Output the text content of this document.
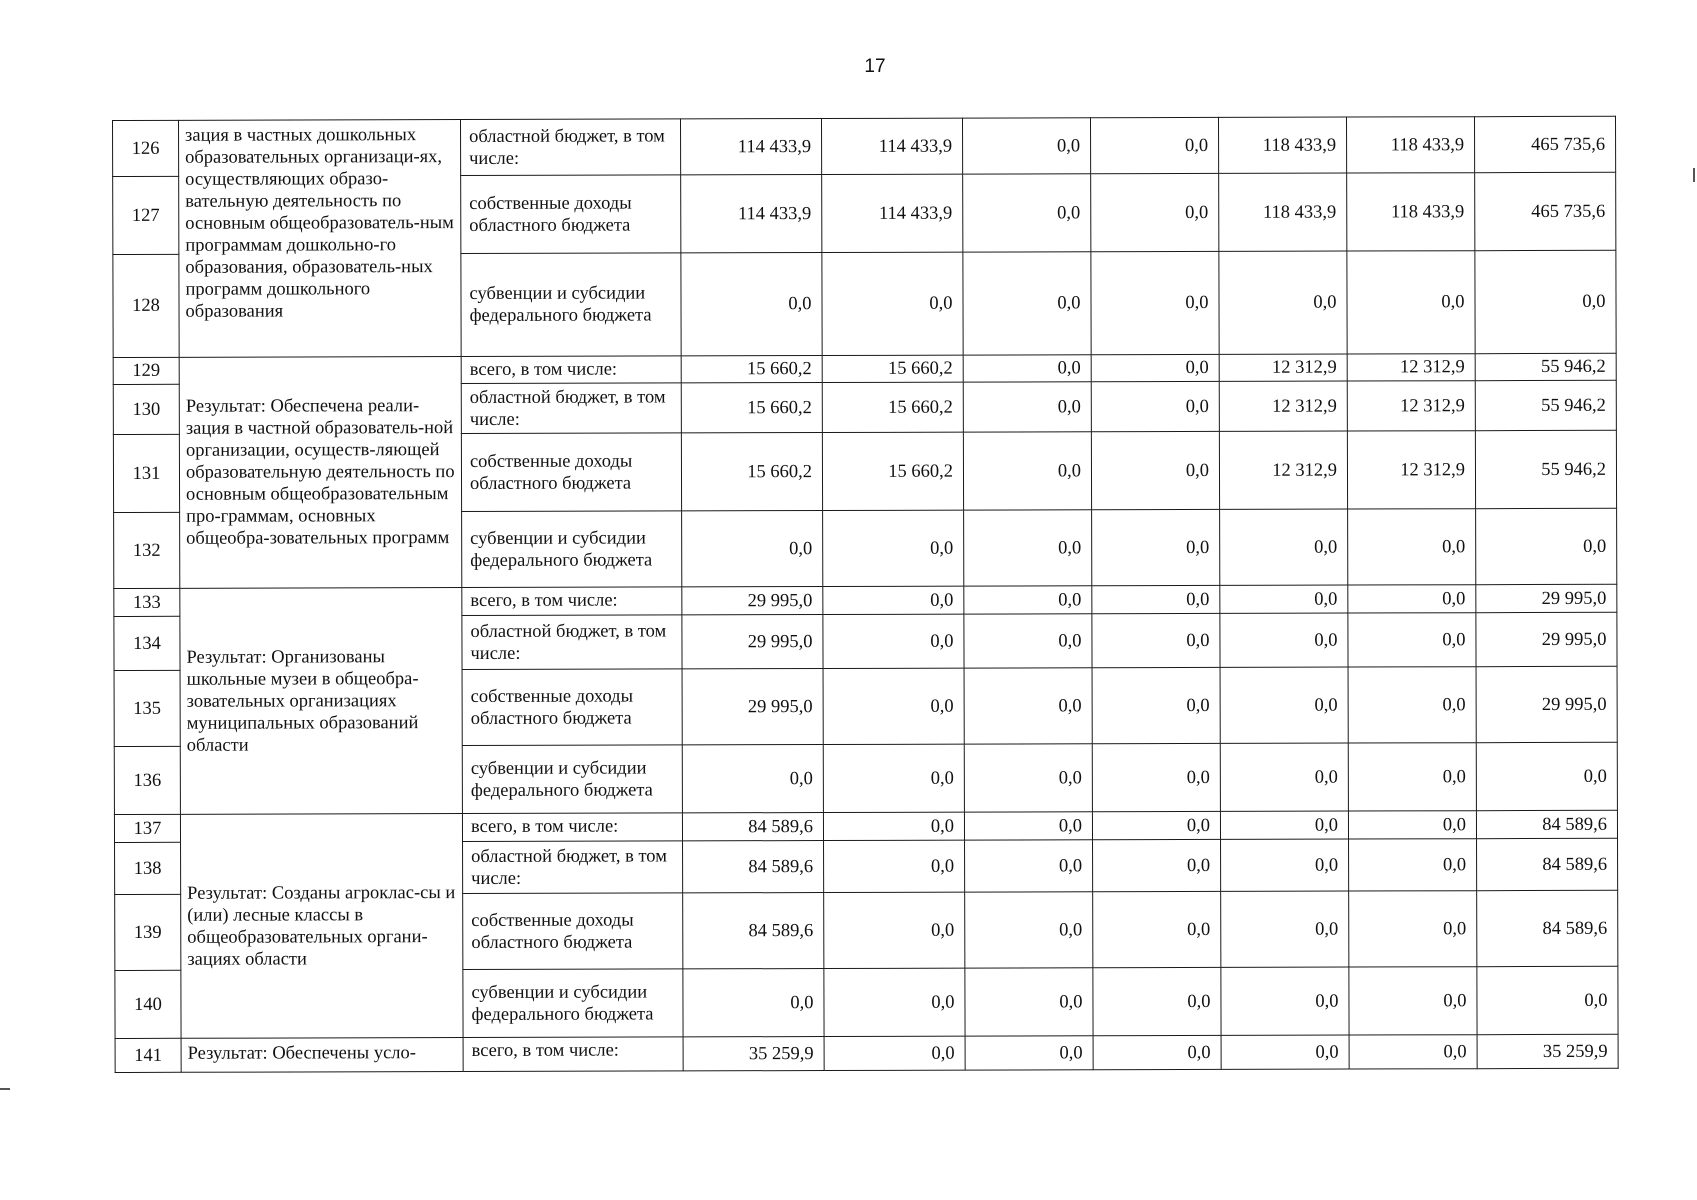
17
126	зация в частных дошкольных образовательных организаци-ях, осуществляющих образо-вательную деятельность по основным общеобразователь-ным программам дошкольно-го образования, образователь-ных программ дошкольного образования	областной бюджет, в том числе:	114 433,9	114 433,9	0,0	0,0	118 433,9	118 433,9	465 735,6
127		собственные доходы областного бюджета	114 433,9	114 433,9	0,0	0,0	118 433,9	118 433,9	465 735,6
128		субвенции и субсидии федерального бюджета	0,0	0,0	0,0	0,0	0,0	0,0	0,0
129	Результат: Обеспечена реали-зация в частной образователь-ной организации, осуществ-ляющей образовательную деятельность по основным общеобразовательным про-граммам, основных общеобра-зовательных программ	всего, в том числе:	15 660,2	15 660,2	0,0	0,0	12 312,9	12 312,9	55 946,2
130		областной бюджет, в том числе:	15 660,2	15 660,2	0,0	0,0	12 312,9	12 312,9	55 946,2
131		собственные доходы областного бюджета	15 660,2	15 660,2	0,0	0,0	12 312,9	12 312,9	55 946,2
132		субвенции и субсидии федерального бюджета	0,0	0,0	0,0	0,0	0,0	0,0	0,0
133	Результат: Организованы школьные музеи в общеобра-зовательных организациях муниципальных образований области	всего, в том числе:	29 995,0	0,0	0,0	0,0	0,0	0,0	29 995,0
134		областной бюджет, в том числе:	29 995,0	0,0	0,0	0,0	0,0	0,0	29 995,0
135		собственные доходы областного бюджета	29 995,0	0,0	0,0	0,0	0,0	0,0	29 995,0
136		субвенции и субсидии федерального бюджета	0,0	0,0	0,0	0,0	0,0	0,0	0,0
137	Результат: Созданы агроклас-сы и (или) лесные классы в общеобразовательных органи-зациях области	всего, в том числе:	84 589,6	0,0	0,0	0,0	0,0	0,0	84 589,6
138		областной бюджет, в том числе:	84 589,6	0,0	0,0	0,0	0,0	0,0	84 589,6
139		собственные доходы областного бюджета	84 589,6	0,0	0,0	0,0	0,0	0,0	84 589,6
140		субвенции и субсидии федерального бюджета	0,0	0,0	0,0	0,0	0,0	0,0	0,0
141	Результат: Обеспечены усло-	всего, в том числе:	35 259,9	0,0	0,0	0,0	0,0	0,0	35 259,9
